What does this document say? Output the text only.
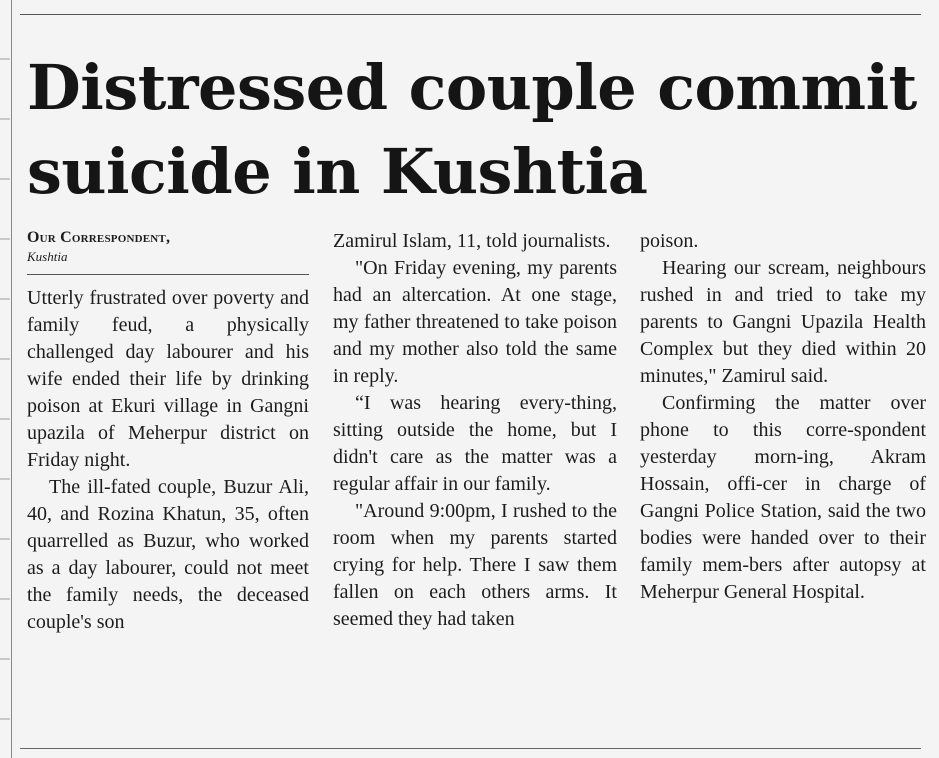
Distressed couple commit suicide in Kushtia
Our Correspondent,
Kushtia

Utterly frustrated over poverty and family feud, a physically challenged day labourer and his wife ended their life by drinking poison at Ekuri village in Gangni upazila of Meherpur district on Friday night.

The ill-fated couple, Buzur Ali, 40, and Rozina Khatun, 35, often quarrelled as Buzur, who worked as a day labourer, could not meet the family needs, the deceased couple's son

Zamirul Islam, 11, told journalists.

"On Friday evening, my parents had an altercation. At one stage, my father threatened to take poison and my mother also told the same in reply.

“I was hearing every-thing, sitting outside the home, but I didn't care as the matter was a regular affair in our family.

"Around 9:00pm, I rushed to the room when my parents started crying for help. There I saw them fallen on each others arms. It seemed they had taken

poison.

Hearing our scream, neighbours rushed in and tried to take my parents to Gangni Upazila Health Complex but they died within 20 minutes," Zamirul said.

Confirming the matter over phone to this corre-spondent yesterday morn-ing, Akram Hossain, offi-cer in charge of Gangni Police Station, said the two bodies were handed over to their family mem-bers after autopsy at Meherpur General Hospital.
